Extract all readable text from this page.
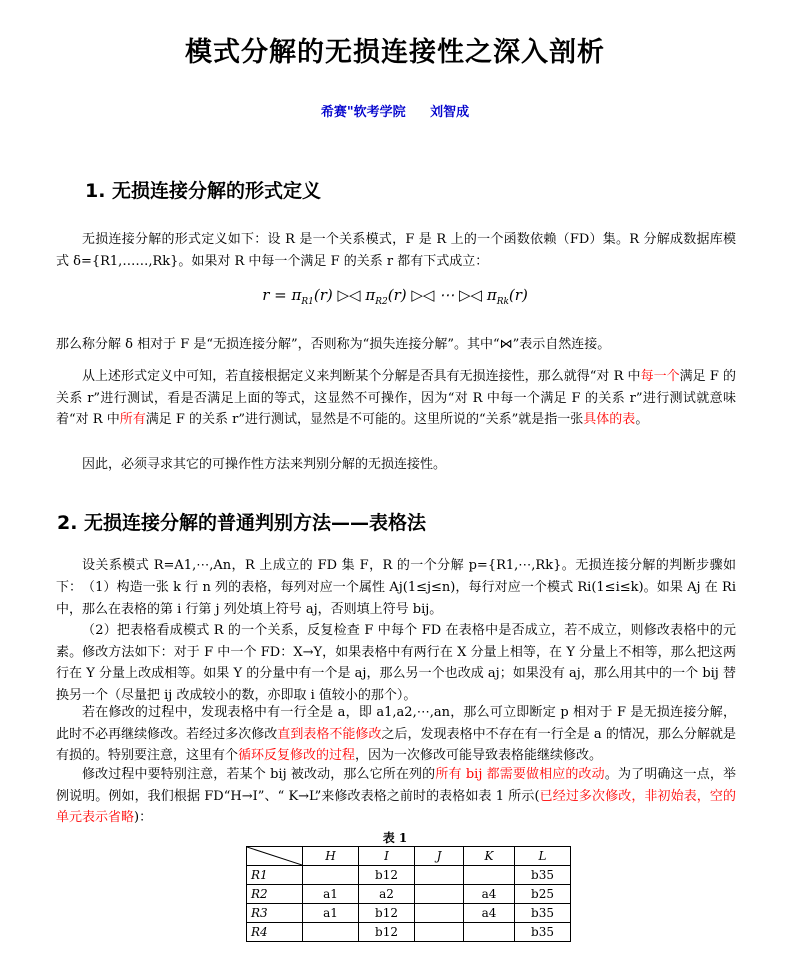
模式分解的无损连接性之深入剖析
希赛"软考学院 刘智成
1. 无损连接分解的形式定义
无损连接分解的形式定义如下：设 R 是一个关系模式，F 是 R 上的一个函数依赖（FD）集。R 分解成数据库模式 δ={R1,……,Rk}。如果对 R 中每一个满足 F 的关系 r 都有下式成立：
$r = \pi_{R1}(r)$ ▷◁ $\pi_{R2}(r)$ ▷◁ ⋯ ▷◁ $\pi_{Rk}(r)$
那么称分解 δ 相对于 F 是“无损连接分解”，否则称为“损失连接分解”。其中“⋈”表示自然连接。
从上述形式定义中可知，若直接根据定义来判断某个分解是否具有无损连接性，那么就得“对 R 中每一个满足 F 的关系 r”进行测试，看是否满足上面的等式，这显然不可操作，因为“对 R 中每一个满足 F 的关系 r”进行测试就意味着“对 R 中所有满足 F 的关系 r”进行测试，显然是不可能的。这里所说的“关系”就是指一张具体的表。
因此，必须寻求其它的可操作性方法来判别分解的无损连接性。
2. 无损连接分解的普通判别方法——表格法
设关系模式 R=A1,⋯,An，R 上成立的 FD 集 F，R 的一个分解 p={R1,⋯,Rk}。无损连接分解的判断步骤如下： （1）构造一张 k 行 n 列的表格，每列对应一个属性 Aj(1≤j≤n)，每行对应一个模式 Ri(1≤i≤k)。如果 Aj 在 Ri 中，那么在表格的第 i 行第 j 列处填上符号 aj，否则填上符号 bij。
（2）把表格看成模式 R 的一个关系，反复检查 F 中每个 FD 在表格中是否成立，若不成立，则修改表格中的元素。修改方法如下：对于 F 中一个 FD：X→Y，如果表格中有两行在 X 分量上相等，在 Y 分量上不相等，那么把这两行在 Y 分量上改成相等。如果 Y 的分量中有一个是 aj，那么另一个也改成 aj；如果没有 aj，那么用其中的一个 bij 替换另一个（尽量把 ij 改成较小的数，亦即取 i 值较小的那个）。
若在修改的过程中，发现表格中有一行全是 a，即 a1,a2,⋯,an，那么可立即断定 p 相对于 F 是无损连接分解，此时不必再继续修改。若经过多次修改直到表格不能修改之后，发现表格中不存在有一行全是 a 的情况，那么分解就是有损的。特别要注意，这里有个循环反复修改的过程，因为一次修改可能导致表格能继续修改。
修改过程中要特别注意，若某个 bij 被改动，那么它所在列的所有 bij 都需要做相应的改动。为了明确这一点，举例说明。例如，我们根据 FD“H→I”、“ K→L”来修改表格之前时的表格如表 1 所示(已经过多次修改，非初始表，空的单元表示省略)：
表 1
	H	I	J	K	L
R1		b12			b35
R2	a1	a2		a4	b25
R3	a1	b12		a4	b35
R4		b12			b35
